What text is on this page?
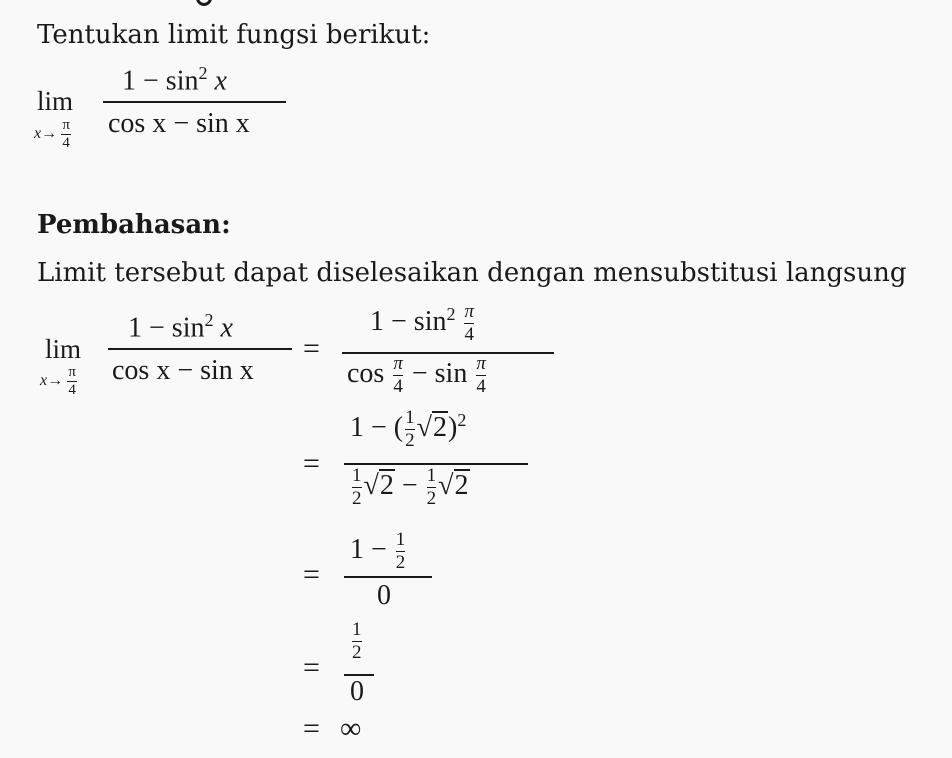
Tentukan limit fungsi berikut:
lim
$x\to \frac{\pi}{4}$
$1 - \sin^2 x$
cos x − sin x
Pembahasan:
Limit tersebut dapat diselesaikan dengan mensubstitusi langsung
lim
$x\to \frac{\pi}{4}$
$1 - \sin^2 x$
cos x − sin x
=
$1 - \sin^2 \frac{\pi}{4}$
$\cos \frac{\pi}{4} - \sin \frac{\pi}{4}$
=
1 − ( $\frac{1}{2} √2)^2$
$\frac{1}{2} √2 - \frac{1}{2} √2$
=
$1 - \frac{1}{2}$
0
=
$\frac{1}{2}$
0
= ∞
